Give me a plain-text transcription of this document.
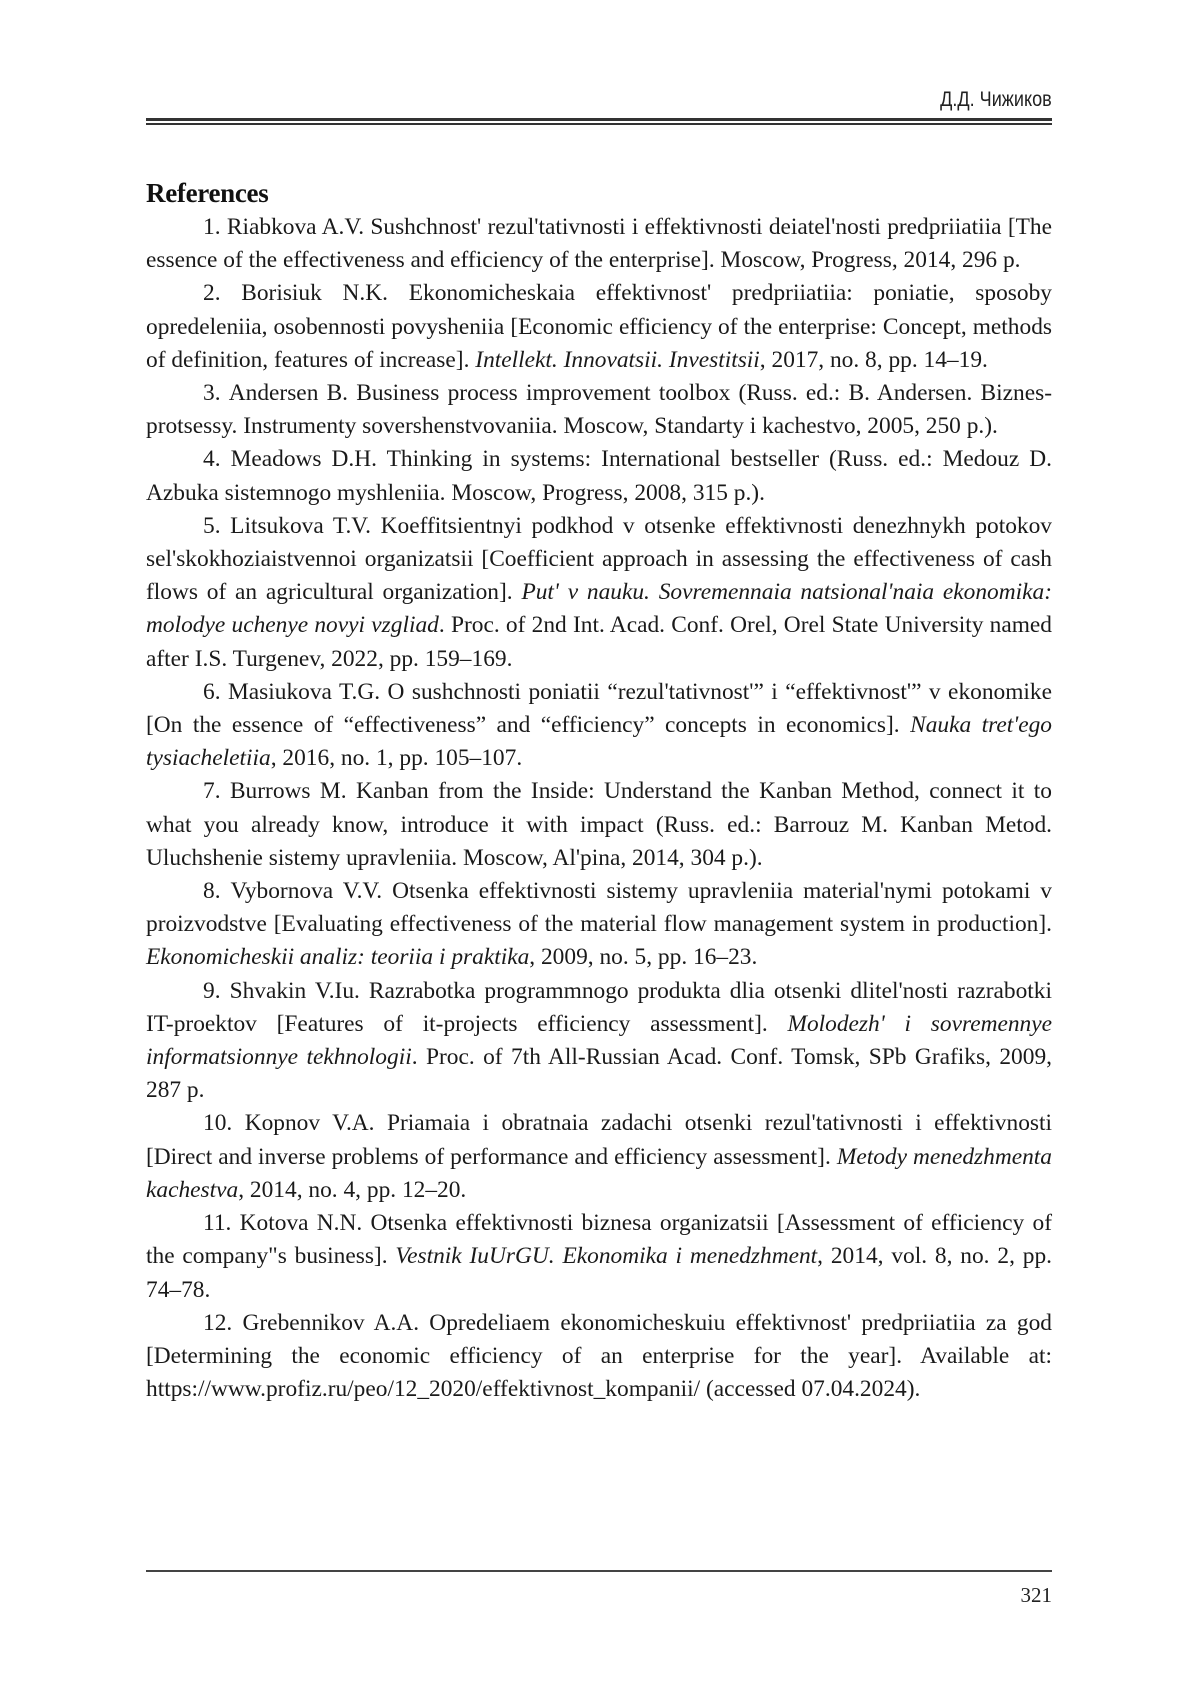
Д.Д. Чижиков
References

1. Riabkova A.V. Sushchnost' rezul'tativnosti i effektivnosti deiatel'nosti predpriiatiia [The essence of the effectiveness and efficiency of the enterprise]. Moscow, Progress, 2014, 296 p.

2. Borisiuk N.K. Ekonomicheskaia effektivnost' predpriiatiia: poniatie, sposoby opredeleniia, osobennosti povysheniia [Economic efficiency of the enterprise: Concept, methods of definition, features of increase]. Intellekt. Innovatsii. Investitsii, 2017, no. 8, pp. 14–19.

3. Andersen B. Business process improvement toolbox (Russ. ed.: B. Andersen. Biznes-protsessy. Instrumenty sovershenstvovaniia. Moscow, Standarty i kachestvo, 2005, 250 p.).

4. Meadows D.H. Thinking in systems: International bestseller (Russ. ed.: Medouz D. Azbuka sistemnogo myshleniia. Moscow, Progress, 2008, 315 p.).

5. Litsukova T.V. Koeffitsientnyi podkhod v otsenke effektivnosti denezhnykh potokov sel'skokhoziaistvennoi organizatsii [Coefficient approach in assessing the effectiveness of cash flows of an agricultural organization]. Put' v nauku. Sovremennaia natsional'naia ekonomika: molodye uchenye novyi vzgliad. Proc. of 2nd Int. Acad. Conf. Orel, Orel State University named after I.S. Turgenev, 2022, pp. 159–169.

6. Masiukova T.G. O sushchnosti poniatii “rezul'tativnost'” i “effektivnost'” v ekonomike [On the essence of “effectiveness” and “efficiency” concepts in economics]. Nauka tret'ego tysiacheletiia, 2016, no. 1, pp. 105–107.

7. Burrows M. Kanban from the Inside: Understand the Kanban Method, connect it to what you already know, introduce it with impact (Russ. ed.: Barrouz M. Kanban Metod. Uluchshenie sistemy upravleniia. Moscow, Al'pina, 2014, 304 p.).

8. Vybornova V.V. Otsenka effektivnosti sistemy upravleniia material'nymi potokami v proizvodstve [Evaluating effectiveness of the material flow management system in production]. Ekonomicheskii analiz: teoriia i praktika, 2009, no. 5, pp. 16–23.

9. Shvakin V.Iu. Razrabotka programmnogo produkta dlia otsenki dlitel'nosti razrabotki IT-proektov [Features of it-projects efficiency assessment]. Molodezh' i sovremennye informatsionnye tekhnologii. Proc. of 7th All-Russian Acad. Conf. Tomsk, SPb Grafiks, 2009, 287 p.

10. Kopnov V.A. Priamaia i obratnaia zadachi otsenki rezul'tativnosti i effektivnosti [Direct and inverse problems of performance and efficiency assessment]. Metody menedzhmenta kachestva, 2014, no. 4, pp. 12–20.

11. Kotova N.N. Otsenka effektivnosti biznesa organizatsii [Assessment of efficiency of the company"s business]. Vestnik IuUrGU. Ekonomika i menedzhment, 2014, vol. 8, no. 2, pp. 74–78.

12. Grebennikov A.A. Opredeliaem ekonomicheskuiu effektivnost' predpriiatiia za god [Determining the economic efficiency of an enterprise for the year]. Available at: https://www.profiz.ru/peo/12_2020/effektivnost_kompanii/ (accessed 07.04.2024).

321
